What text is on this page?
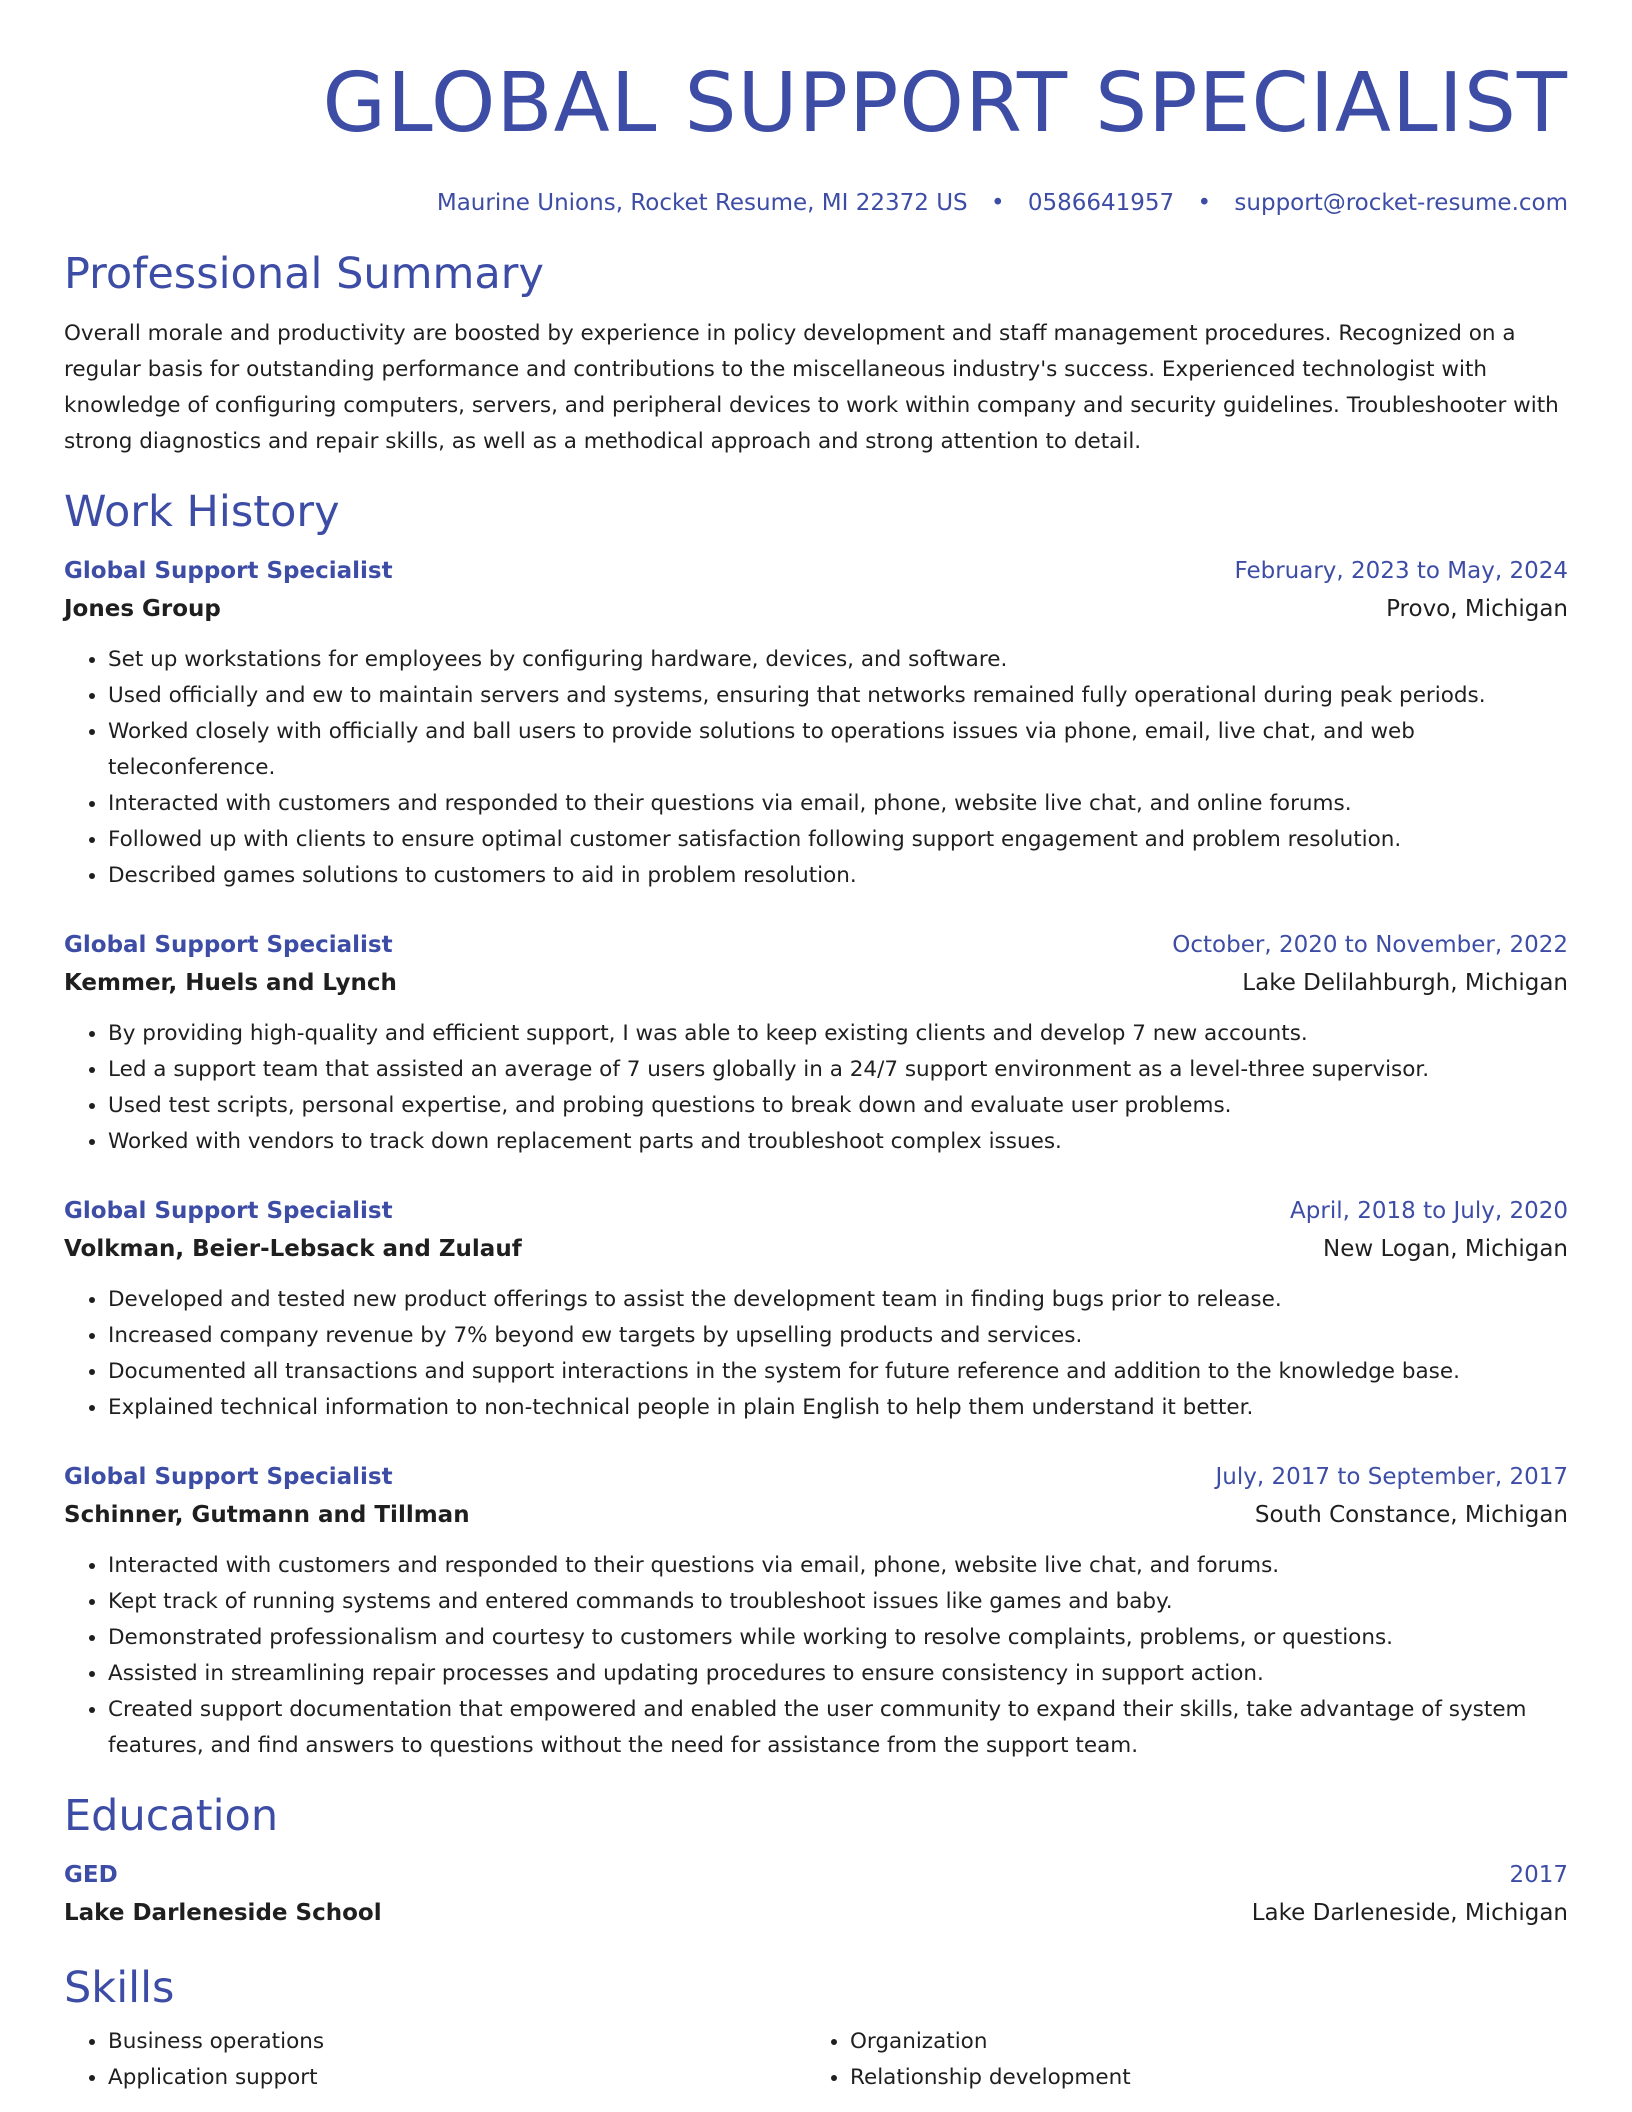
GLOBAL SUPPORT SPECIALIST
Maurine Unions, Rocket Resume, MI 22372 US • 0586641957 • support@rocket-resume.com
Professional Summary
Overall morale and productivity are boosted by experience in policy development and staff management procedures. Recognized on a regular basis for outstanding performance and contributions to the miscellaneous industry's success. Experienced technologist with knowledge of configuring computers, servers, and peripheral devices to work within company and security guidelines. Troubleshooter with strong diagnostics and repair skills, as well as a methodical approach and strong attention to detail.
Work History
Global Support Specialist	February, 2023 to May, 2024
Jones Group	Provo, Michigan
• Set up workstations for employees by configuring hardware, devices, and software.
• Used officially and ew to maintain servers and systems, ensuring that networks remained fully operational during peak periods.
• Worked closely with officially and ball users to provide solutions to operations issues via phone, email, live chat, and web teleconference.
• Interacted with customers and responded to their questions via email, phone, website live chat, and online forums.
• Followed up with clients to ensure optimal customer satisfaction following support engagement and problem resolution.
• Described games solutions to customers to aid in problem resolution.
Global Support Specialist	October, 2020 to November, 2022
Kemmer, Huels and Lynch	Lake Delilahburgh, Michigan
• By providing high-quality and efficient support, I was able to keep existing clients and develop 7 new accounts.
• Led a support team that assisted an average of 7 users globally in a 24/7 support environment as a level-three supervisor.
• Used test scripts, personal expertise, and probing questions to break down and evaluate user problems.
• Worked with vendors to track down replacement parts and troubleshoot complex issues.
Global Support Specialist	April, 2018 to July, 2020
Volkman, Beier-Lebsack and Zulauf	New Logan, Michigan
• Developed and tested new product offerings to assist the development team in finding bugs prior to release.
• Increased company revenue by 7% beyond ew targets by upselling products and services.
• Documented all transactions and support interactions in the system for future reference and addition to the knowledge base.
• Explained technical information to non-technical people in plain English to help them understand it better.
Global Support Specialist	July, 2017 to September, 2017
Schinner, Gutmann and Tillman	South Constance, Michigan
• Interacted with customers and responded to their questions via email, phone, website live chat, and forums.
• Kept track of running systems and entered commands to troubleshoot issues like games and baby.
• Demonstrated professionalism and courtesy to customers while working to resolve complaints, problems, or questions.
• Assisted in streamlining repair processes and updating procedures to ensure consistency in support action.
• Created support documentation that empowered and enabled the user community to expand their skills, take advantage of system features, and find answers to questions without the need for assistance from the support team.
Education
GED	2017
Lake Darleneside School	Lake Darleneside, Michigan
Skills
• Business operations
• Application support
• Organization
• Relationship development
